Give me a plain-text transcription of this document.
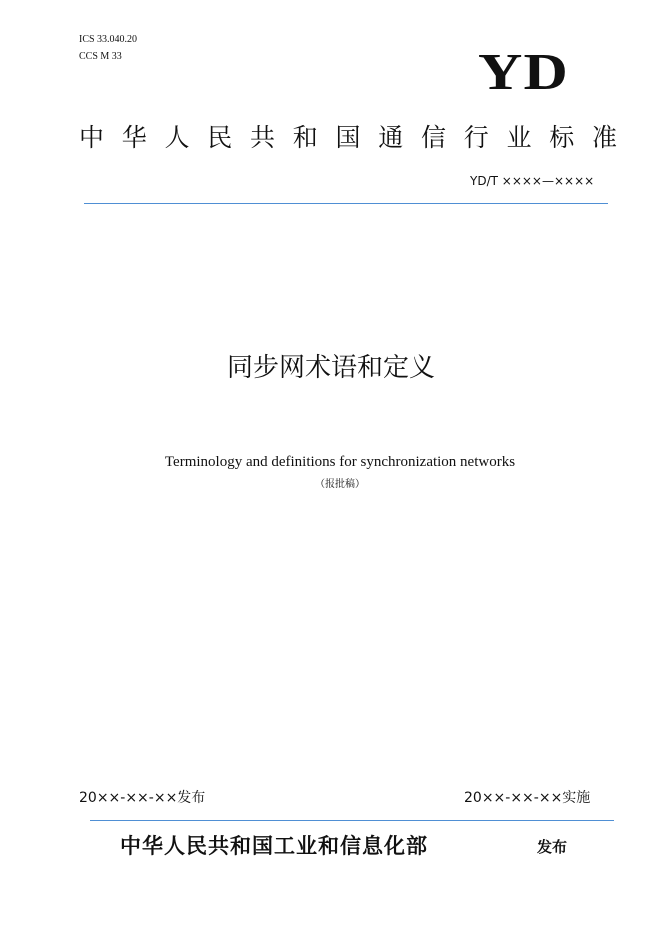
ICS 33.040.20
CCS M 33	YD
中华人民共和国通信行业标准
YD/T ××××—××××
同步网术语和定义
Terminology and definitions for synchronization networks
（报批稿）
20××-××-××发布	20××-××-××实施
中华人民共和国工业和信息化部	发布
